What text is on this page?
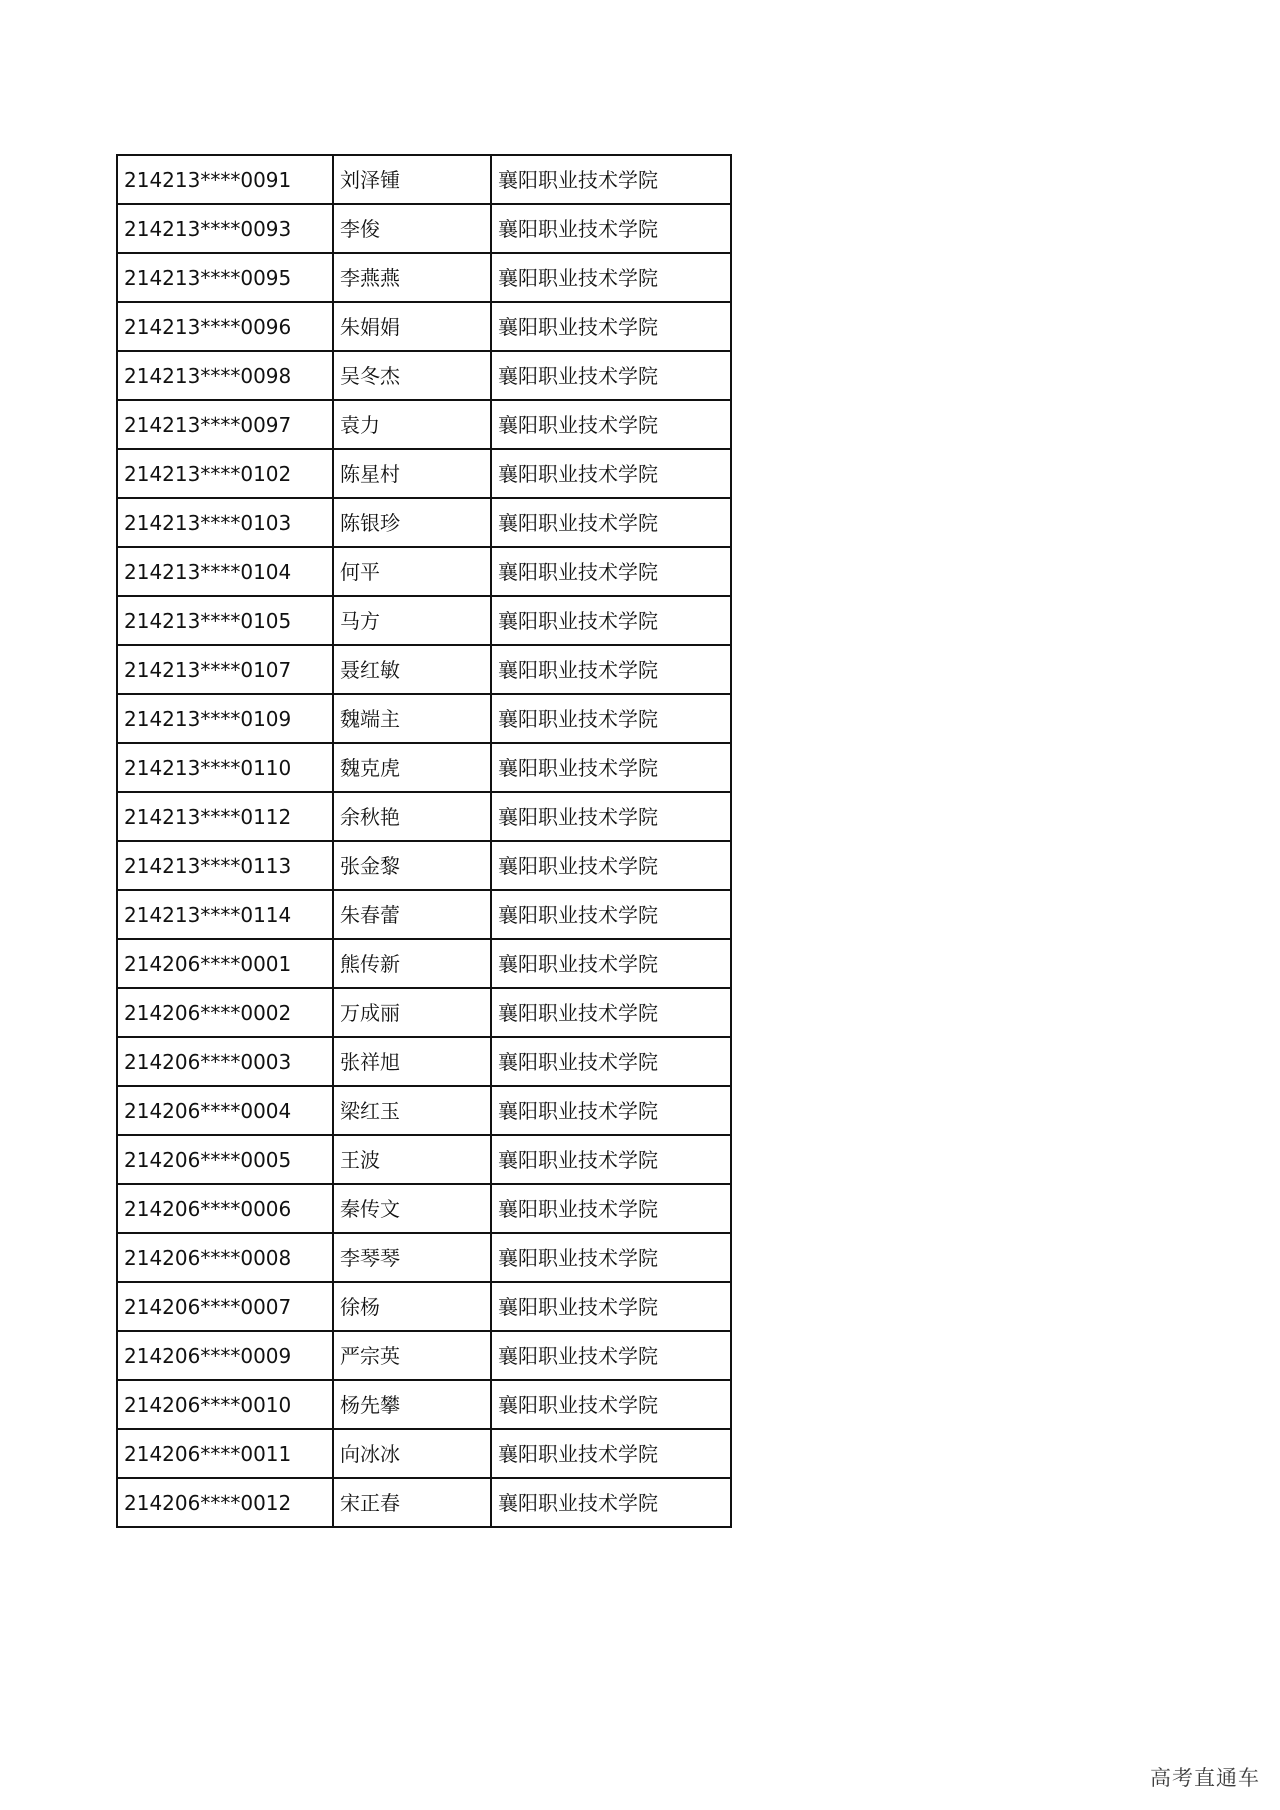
214213****0091	刘泽锺	襄阳职业技术学院
214213****0093	李俊	襄阳职业技术学院
214213****0095	李燕燕	襄阳职业技术学院
214213****0096	朱娟娟	襄阳职业技术学院
214213****0098	吴冬杰	襄阳职业技术学院
214213****0097	袁力	襄阳职业技术学院
214213****0102	陈星村	襄阳职业技术学院
214213****0103	陈银珍	襄阳职业技术学院
214213****0104	何平	襄阳职业技术学院
214213****0105	马方	襄阳职业技术学院
214213****0107	聂红敏	襄阳职业技术学院
214213****0109	魏端主	襄阳职业技术学院
214213****0110	魏克虎	襄阳职业技术学院
214213****0112	余秋艳	襄阳职业技术学院
214213****0113	张金黎	襄阳职业技术学院
214213****0114	朱春蕾	襄阳职业技术学院
214206****0001	熊传新	襄阳职业技术学院
214206****0002	万成丽	襄阳职业技术学院
214206****0003	张祥旭	襄阳职业技术学院
214206****0004	梁红玉	襄阳职业技术学院
214206****0005	王波	襄阳职业技术学院
214206****0006	秦传文	襄阳职业技术学院
214206****0008	李琴琴	襄阳职业技术学院
214206****0007	徐杨	襄阳职业技术学院
214206****0009	严宗英	襄阳职业技术学院
214206****0010	杨先攀	襄阳职业技术学院
214206****0011	向冰冰	襄阳职业技术学院
214206****0012	宋正春	襄阳职业技术学院
高考直通车
